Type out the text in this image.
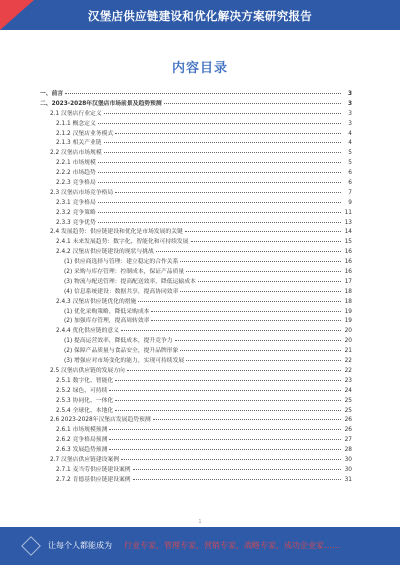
汉堡店供应链建设和优化解决方案研究报告
内容目录
一、前言	3
二、2023-2028年汉堡店市场前景及趋势预测	3
2.1 汉堡店行业定义	3
2.1.1 概念定义	3
2.1.2 汉堡店业务模式	4
2.1.3 相关产业链	4
2.2 汉堡店市场规模	5
2.2.1 市场规模	5
2.2.2 市场趋势	6
2.2.3 竞争格局	6
2.3 汉堡店市场竞争格局	7
2.3.1 竞争格局	9
2.3.2 竞争策略	11
2.3.3 竞争优势	13
2.4 发展趋势：供应链建设和优化是市场发展的关键	14
2.4.1 未来发展趋势：数字化、智能化和可持续发展	15
2.4.2 汉堡店供应链建设的现状与挑战	16
(1) 供应商选择与管理：建立稳定的合作关系	16
(2) 采购与库存管理：控制成本，保证产品质量	16
(3) 物流与配送管理：提高配送效率，降低运输成本	17
(4) 信息系统建设：数据共享，提高协同效率	18
2.4.3 汉堡店供应链优化的措施	18
(1) 优化采购策略，降低采购成本	19
(2) 加强库存管理，提高周转效率	19
2.4.4 优化供应链的意义	20
(1) 提高运营效率，降低成本，提升竞争力	20
(2) 保障产品质量与食品安全，提升品牌形象	21
(3) 增强应对市场变化的能力，实现可持续发展	22
2.5 汉堡店供应链的发展方向	22
2.5.1 数字化、智能化	23
2.5.2 绿色、可持续	24
2.5.3 协同化、一体化	25
2.5.4 全球化、本地化	25
2.6 2023-2028年汉堡店发展趋势预测	26
2.6.1 市场规模预测	26
2.6.2 竞争格局预测	27
2.6.3 发展趋势预测	28
2.7 汉堡店供应链建设案例	30
2.7.1 麦当劳供应链建设案例	30
2.7.2 肯德基供应链建设案例	31
1
让每个人都能成为 行业专家、管理专家、营销专家、战略专家、成功企业家……
